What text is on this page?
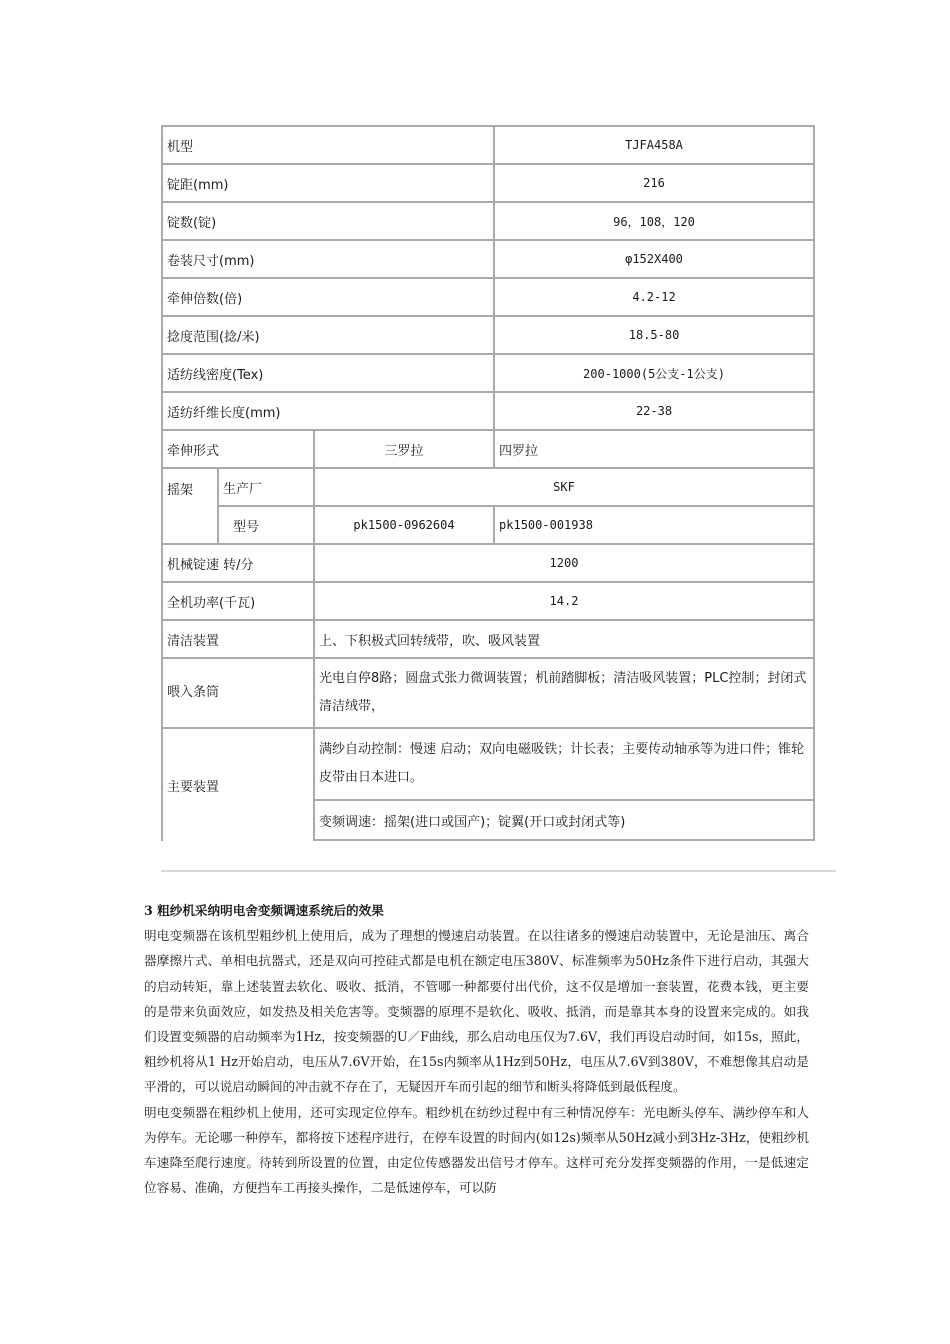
机型			TJFA458A
锭距(mm)			216
锭数(锭)			96，108，120
卷装尺寸(mm)			φ152X400
牵伸倍数(倍)			4.2-12
捻度范围(捻/米)			18.5-80
适纺线密度(Tex)			200-1000(5公支-1公支)
适纺纤维长度(mm)			22-38
牵伸形式		三罗拉	四罗拉
摇架	生产厂	SKF	
	型号	pk1500-0962604	pk1500-001938
机械锭速 转/分		1200	
全机功率(千瓦)		14.2	
清洁装置		上、下积极式回转绒带，吹、吸风装置	
喂入条筒		光电自停8路；圆盘式张力微调装置；机前踏脚板；清洁吸风装置；PLC控制；封闭式清洁绒带，	
主要装置		满纱自动控制：慢速 启动；双向电磁吸铁；计长表；主要传动轴承等为进口件；锥轮皮带由日本进口。	
		变频调速：摇架(进口或国产)；锭翼(开口或封闭式等)	
3 粗纱机采纳明电舍变频调速系统后的效果

明电变频器在该机型粗纱机上使用后，成为了理想的慢速启动装置。在以往诸多的慢速启动装置中，无论是油压、离合器摩擦片式、单相电抗器式，还是双向可控硅式都是电机在额定电压380V、标准频率为50Hz条件下进行启动，其强大的启动转矩，靠上述装置去软化、吸收、抵消，不管哪一种都要付出代价，这不仅是增加一套装置，花费本钱，更主要的是带来负面效应，如发热及相关危害等。变频器的原理不是软化、吸收、抵消，而是靠其本身的设置来完成的。如我们设置变频器的启动频率为1Hz，按变频器的U／F曲线，那么启动电压仅为7.6V，我们再设启动时间，如15s，照此，粗纱机将从1 Hz开始启动，电压从7.6V开始，在15s内频率从1Hz到50Hz，电压从7.6V到380V，不难想像其启动是平滑的，可以说启动瞬间的冲击就不存在了，无疑因开车而引起的细节和断头将降低到最低程度。

明电变频器在粗纱机上使用，还可实现定位停车。粗纱机在纺纱过程中有三种情况停车：光电断头停车、满纱停车和人为停车。无论哪一种停车，都将按下述程序进行，在停车设置的时间内(如12s)频率从50Hz减小到3Hz-3Hz，使粗纱机车速降至爬行速度。待转到所设置的位置，由定位传感器发出信号才停车。这样可充分发挥变频器的作用，一是低速定位容易、准确，方便挡车工再接头操作，二是低速停车，可以防
